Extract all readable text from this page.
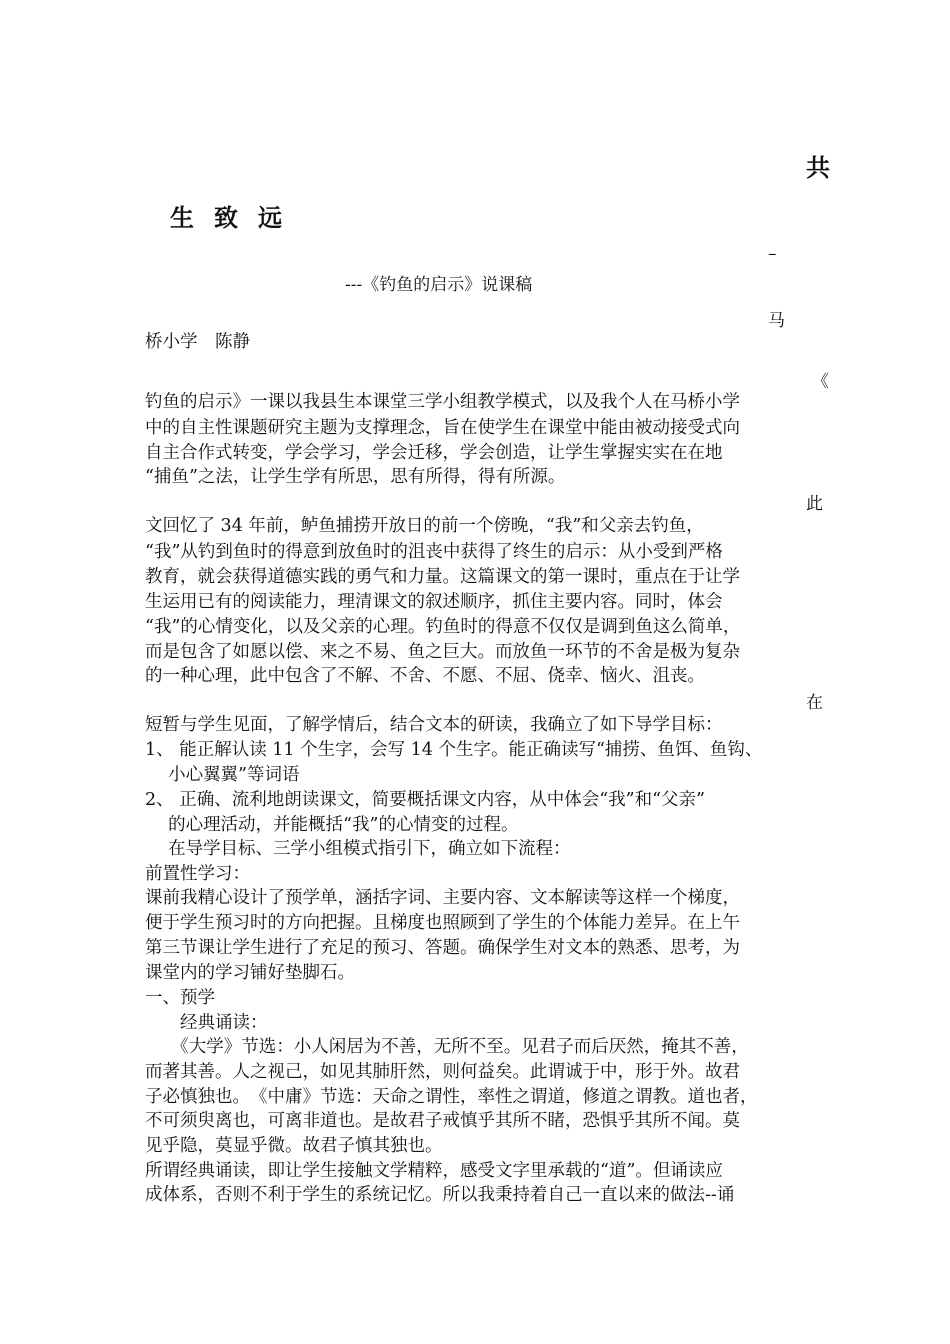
共
生致远
–
---《钓鱼的启示》说课稿
马
桥小学　陈静
《
钓鱼的启示》一课以我县生本课堂三学小组教学模式，以及我个人在马桥小学
中的自主性课题研究主题为支撑理念，旨在使学生在课堂中能由被动接受式向
自主合作式转变，学会学习，学会迁移，学会创造，让学生掌握实实在在地
“捕鱼”之法，让学生学有所思，思有所得，得有所源。
此
文回忆了 34 年前，鲈鱼捕捞开放日的前一个傍晚，“我”和父亲去钓鱼，
“我”从钓到鱼时的得意到放鱼时的沮丧中获得了终生的启示：从小受到严格
教育，就会获得道德实践的勇气和力量。这篇课文的第一课时，重点在于让学
生运用已有的阅读能力，理清课文的叙述顺序，抓住主要内容。同时，体会
“我”的心情变化，以及父亲的心理。钓鱼时的得意不仅仅是调到鱼这么简单，
而是包含了如愿以偿、来之不易、鱼之巨大。而放鱼一环节的不舍是极为复杂
的一种心理，此中包含了不解、不舍、不愿、不屈、侥幸、恼火、沮丧。
在
短暂与学生见面，了解学情后，结合文本的研读，我确立了如下导学目标：
1、 能正解认读 11 个生字，会写 14 个生字。能正确读写“捕捞、鱼饵、鱼钩、
　 小心翼翼”等词语
2、 正确、流利地朗读课文，简要概括课文内容，从中体会“我”和“父亲”
　 的心理活动，并能概括“我”的心情变的过程。
　 在导学目标、三学小组模式指引下，确立如下流程：
前置性学习：
课前我精心设计了预学单，涵括字词、主要内容、文本解读等这样一个梯度，
便于学生预习时的方向把握。且梯度也照顾到了学生的个体能力差异。在上午
第三节课让学生进行了充足的预习、答题。确保学生对文本的熟悉、思考，为
课堂内的学习铺好垫脚石。
一、预学
　　经典诵读：
　　《大学》节选：小人闲居为不善，无所不至。见君子而后厌然，掩其不善，
而著其善。人之视己，如见其肺肝然，则何益矣。此谓诚于中，形于外。故君
子必慎独也。　《中庸》节选：天命之谓性，率性之谓道，修道之谓教。道也者，
不可须臾离也，可离非道也。是故君子戒慎乎其所不睹，恐惧乎其所不闻。莫
见乎隐，莫显乎微。故君子慎其独也。
所谓经典诵读，即让学生接触文学精粹，感受文字里承载的“道”。但诵读应
成体系，否则不利于学生的系统记忆。所以我秉持着自己一直以来的做法--诵
